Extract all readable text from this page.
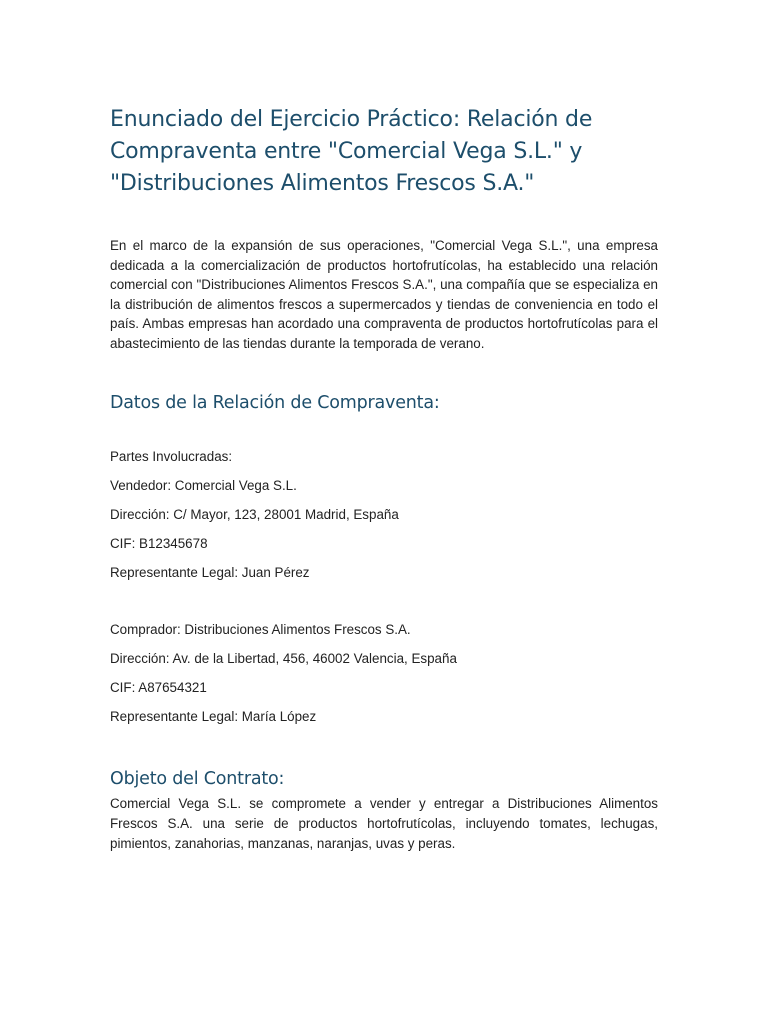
Enunciado del Ejercicio Práctico: Relación de Compraventa entre "Comercial Vega S.L." y "Distribuciones Alimentos Frescos S.A."

En el marco de la expansión de sus operaciones, "Comercial Vega S.L.", una empresa dedicada a la comercialización de productos hortofrutícolas, ha establecido una relación comercial con "Distribuciones Alimentos Frescos S.A.", una compañía que se especializa en la distribución de alimentos frescos a supermercados y tiendas de conveniencia en todo el país. Ambas empresas han acordado una compraventa de productos hortofrutícolas para el abastecimiento de las tiendas durante la temporada de verano.

Datos de la Relación de Compraventa:

Partes Involucradas:

Vendedor: Comercial Vega S.L.

Dirección: C/ Mayor, 123, 28001 Madrid, España

CIF: B12345678

Representante Legal: Juan Pérez

Comprador: Distribuciones Alimentos Frescos S.A.

Dirección: Av. de la Libertad, 456, 46002 Valencia, España

CIF: A87654321

Representante Legal: María López

Objeto del Contrato:

Comercial Vega S.L. se compromete a vender y entregar a Distribuciones Alimentos Frescos S.A. una serie de productos hortofrutícolas, incluyendo tomates, lechugas, pimientos, zanahorias, manzanas, naranjas, uvas y peras.
